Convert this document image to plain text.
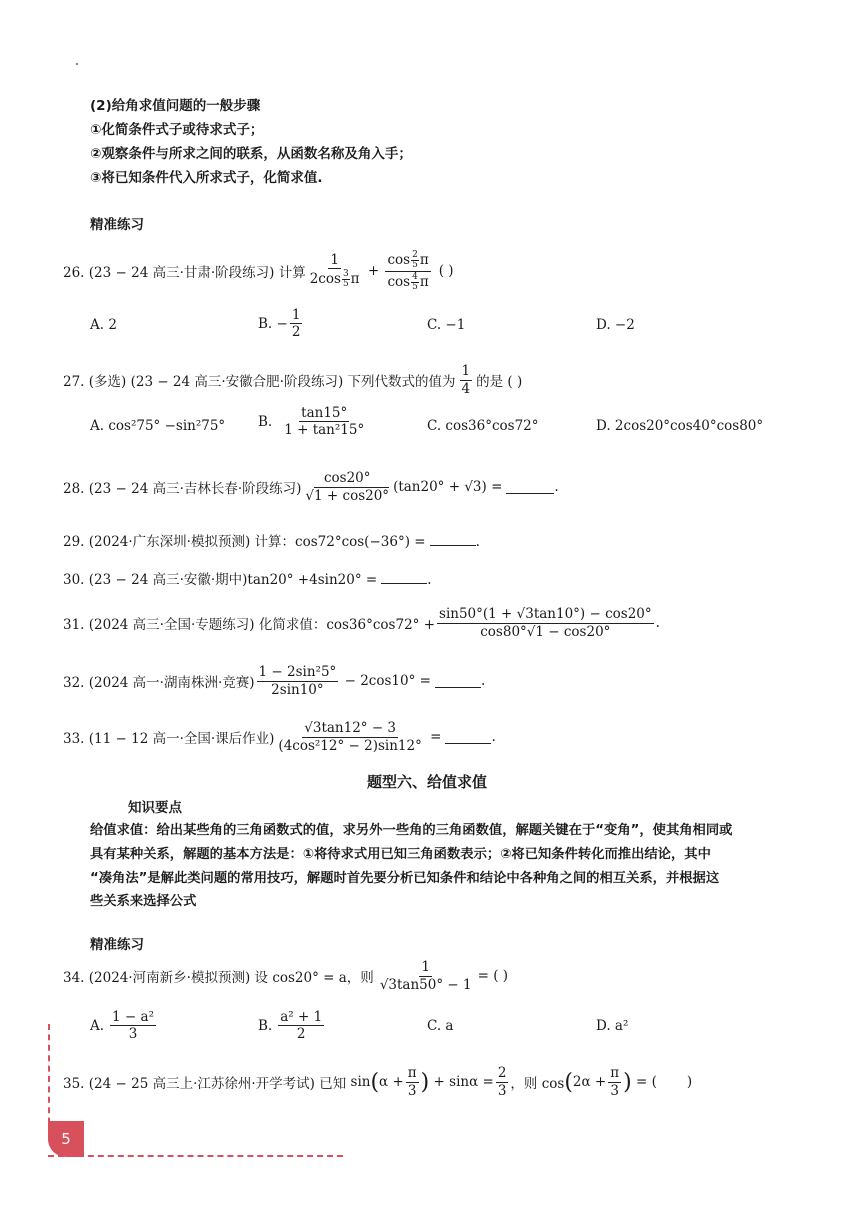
(2)给角求值问题的一般步骤
①化简条件式子或待求式子；
②观察条件与所求之间的联系，从函数名称及角入手；
③将已知条件代入所求式子，化简求值.
精准练习
26. (23 − 24 高三·甘肃·阶段练习) 计算 $\frac{1}{2\cos \frac{3}{5} \pi} + \frac{\cos \frac{2}{5} \pi}{\cos \frac{4}{5} \pi}$ ( )
A. 2	B. − $\frac{1}{2}$	C. −1	D. −2
27. (多选) (23 − 24 高三·安徽合肥·阶段练习) 下列代数式的值为 $\frac{1}{4}$ 的是 ( )
A. cos²75° −sin²75° B. $\frac{\tan 15^\circ}{\text{1 + tan²15°}}$	C. cos36°cos72°	D. 2cos20°cos40°cos80°
28. (23 − 24 高三·吉林长春·阶段练习) $\frac{\cos 20^\circ}{√1 + \cos 20^\circ} (\tan 20^\circ + √3)$ =	.
29. (2024·广东深圳·模拟预测) 计算：cos72°cos(−36°) =	.
30. (23 − 24 高三·安徽·期中)tan20° +4sin20° =	.
31. (2024 高三·全国·专题练习) 化简求值：$\cos 36^\circ\cos 72^\circ + \frac{\sin 50^\circ(1 + √3\tan 10^\circ) - \cos 20^\circ}{\cos 80^\circ√1 - \cos 20^\circ}$ .
32. (2024 高一·湖南株洲·竞赛) $\frac{\text{1 − 2sin²5°}}{2\sin 10^\circ} - 2\cos 10^\circ$ =	.
33. (11 − 12 高一·全国·课后作业) $\frac{√3\tan 12^\circ - 3}{\text{(4cos²12° − 2)sin12°}}$ =	.
题型六、给值求值
知识要点
给值求值：给出某些角的三角函数式的值，求另外一些角的三角函数值，解题关键在于“变角”，使其角相同或
具有某种关系，解题的基本方法是：①将待求式用已知三角函数表示；②将已知条件转化而推出结论，其中
“凑角法”是解此类问题的常用技巧，解题时首先要分析已知条件和结论中各种角之间的相互关系，并根据这
些关系来选择公式
精准练习
34. (2024·河南新乡·模拟预测) 设 cos20° = a，则 $\frac{1}{√3\tan 50^\circ - 1}$ = ( )
A. $\frac{\text{1 − a²}}{3}$	B. $\frac{\text{a² + 1}}{2}$	C. a	D. a²
35. (24 − 25 高三上·江苏徐州·开学考试) 已知 sin ( $\alpha + \frac{\pi}{3}$ ) + $\sin\alpha = \frac{2}{3}$ ，则 cos ( $2\alpha + \frac{\pi}{3}$ ) = (       )
5
